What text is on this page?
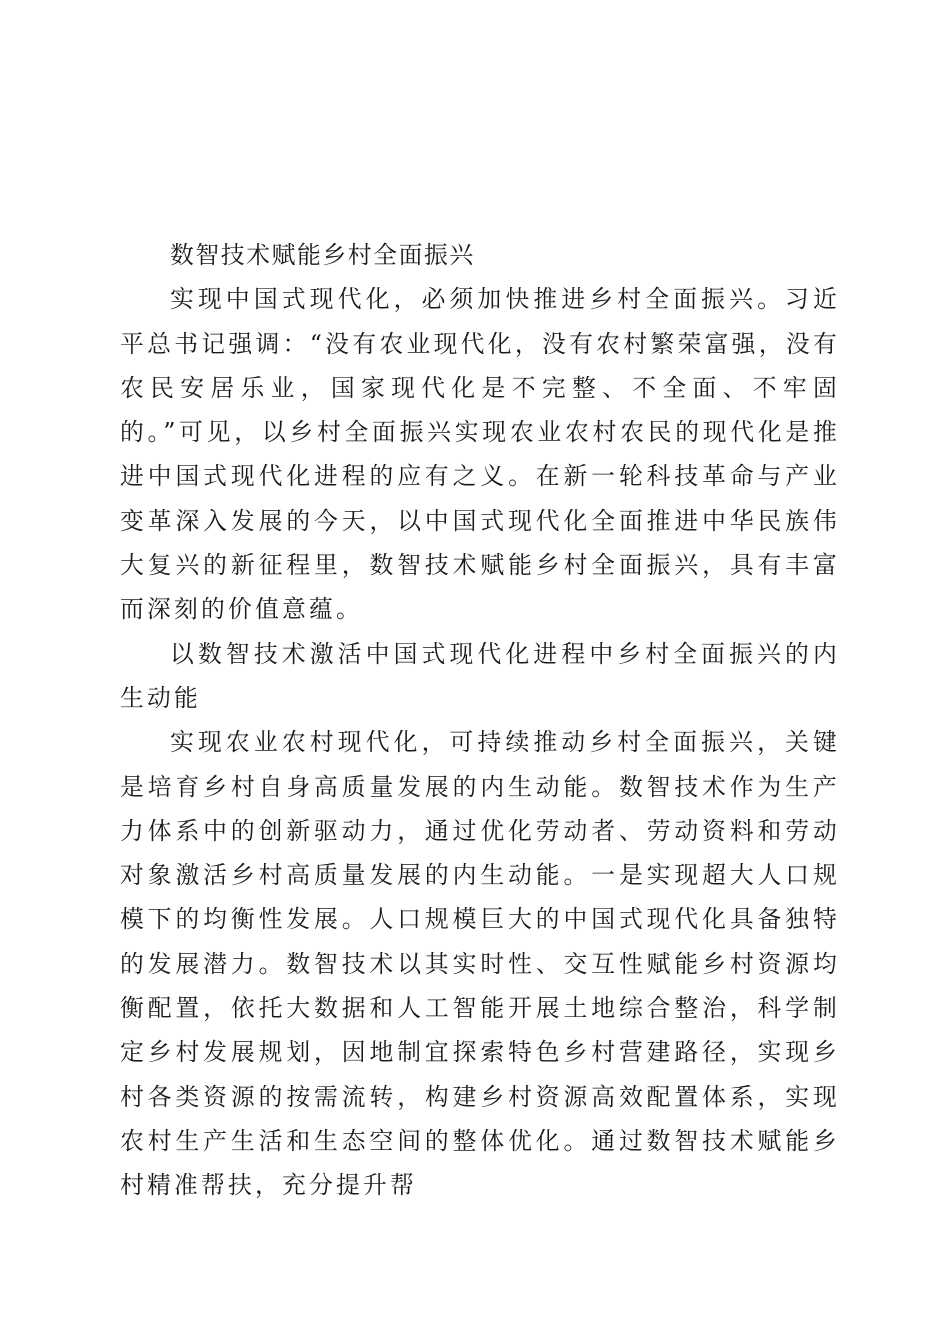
数智技术赋能乡村全面振兴

实现中国式现代化，必须加快推进乡村全面振兴。习近平总书记强调：“没有农业现代化，没有农村繁荣富强，没有农民安居乐业，国家现代化是不完整、不全面、不牢固的。”可见，以乡村全面振兴实现农业农村农民的现代化是推进中国式现代化进程的应有之义。在新一轮科技革命与产业变革深入发展的今天，以中国式现代化全面推进中华民族伟大复兴的新征程里，数智技术赋能乡村全面振兴，具有丰富而深刻的价值意蕴。

以数智技术激活中国式现代化进程中乡村全面振兴的内生动能

实现农业农村现代化，可持续推动乡村全面振兴，关键是培育乡村自身高质量发展的内生动能。数智技术作为生产力体系中的创新驱动力，通过优化劳动者、劳动资料和劳动对象激活乡村高质量发展的内生动能。一是实现超大人口规模下的均衡性发展。人口规模巨大的中国式现代化具备独特的发展潜力。数智技术以其实时性、交互性赋能乡村资源均衡配置，依托大数据和人工智能开展土地综合整治，科学制定乡村发展规划，因地制宜探索特色乡村营建路径，实现乡村各类资源的按需流转，构建乡村资源高效配置体系，实现农村生产生活和生态空间的整体优化。通过数智技术赋能乡村精准帮扶，充分提升帮
